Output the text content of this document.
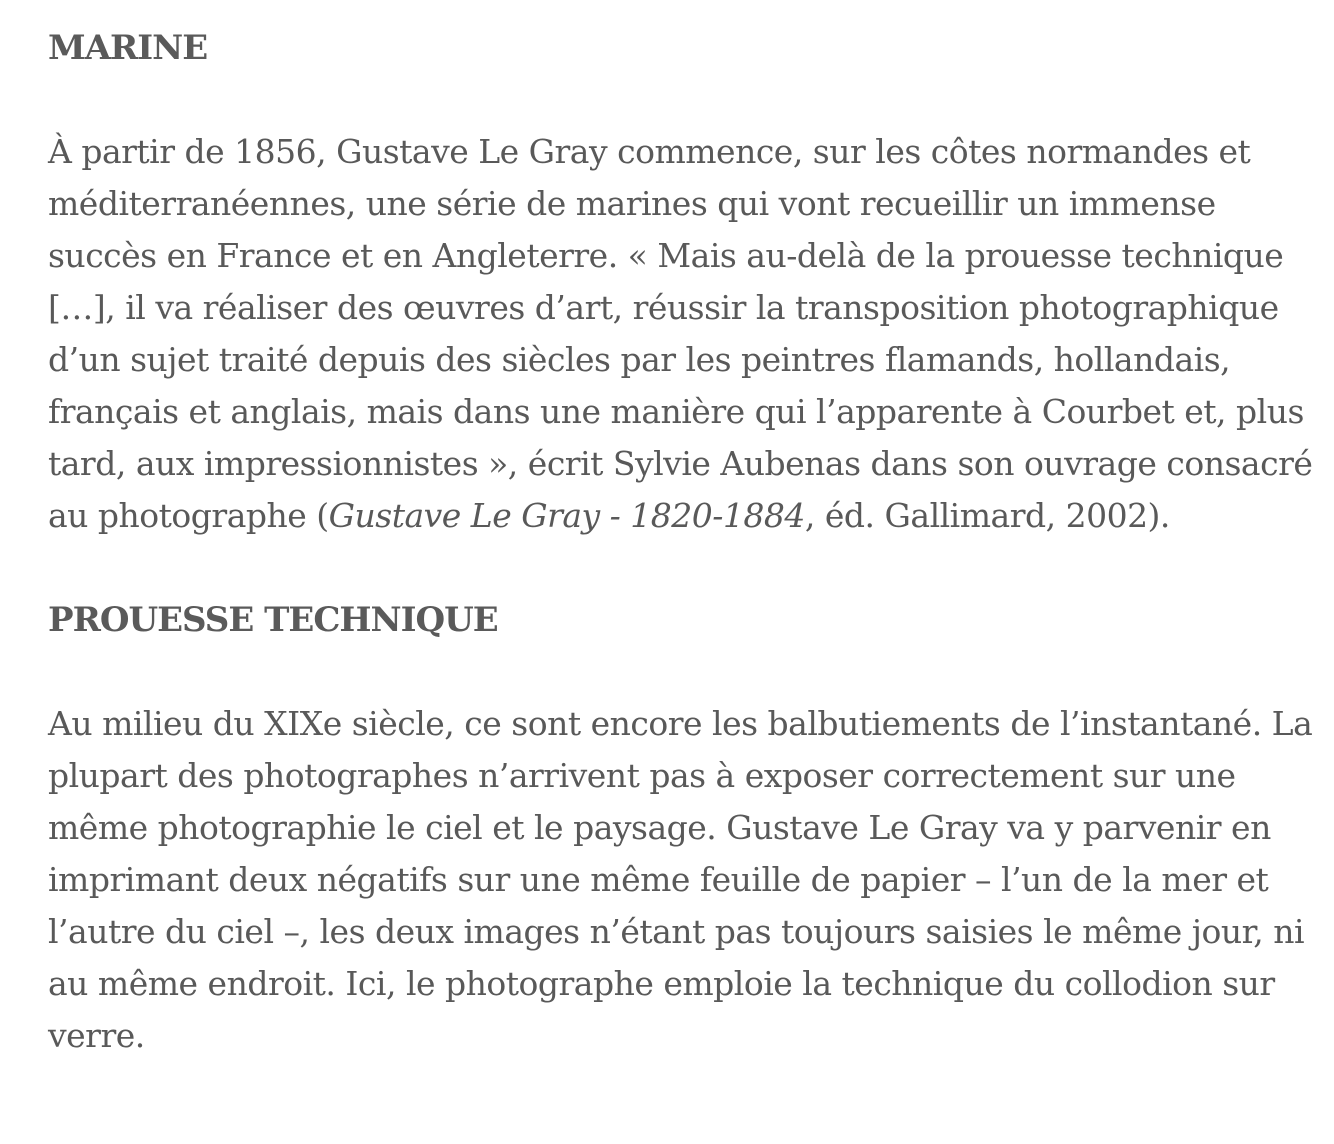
MARINE

À partir de 1856, Gustave Le Gray commence, sur les côtes normandes et méditerranéennes, une série de marines qui vont recueillir un immense succès en France et en Angleterre. « Mais au-delà de la prouesse technique […], il va réaliser des œuvres d’art, réussir la transposition photographique d’un sujet traité depuis des siècles par les peintres flamands, hollandais, français et anglais, mais dans une manière qui l’apparente à Courbet et, plus tard, aux impressionnistes », écrit Sylvie Aubenas dans son ouvrage consacré au photographe (Gustave Le Gray - 1820-1884, éd. Gallimard, 2002).

PROUESSE TECHNIQUE

Au milieu du XIXe siècle, ce sont encore les balbutiements de l’instantané. La plupart des photographes n’arrivent pas à exposer correctement sur une même photographie le ciel et le paysage. Gustave Le Gray va y parvenir en imprimant deux négatifs sur une même feuille de papier – l’un de la mer et l’autre du ciel –, les deux images n’étant pas toujours saisies le même jour, ni au même endroit. Ici, le photographe emploie la technique du collodion sur verre.
